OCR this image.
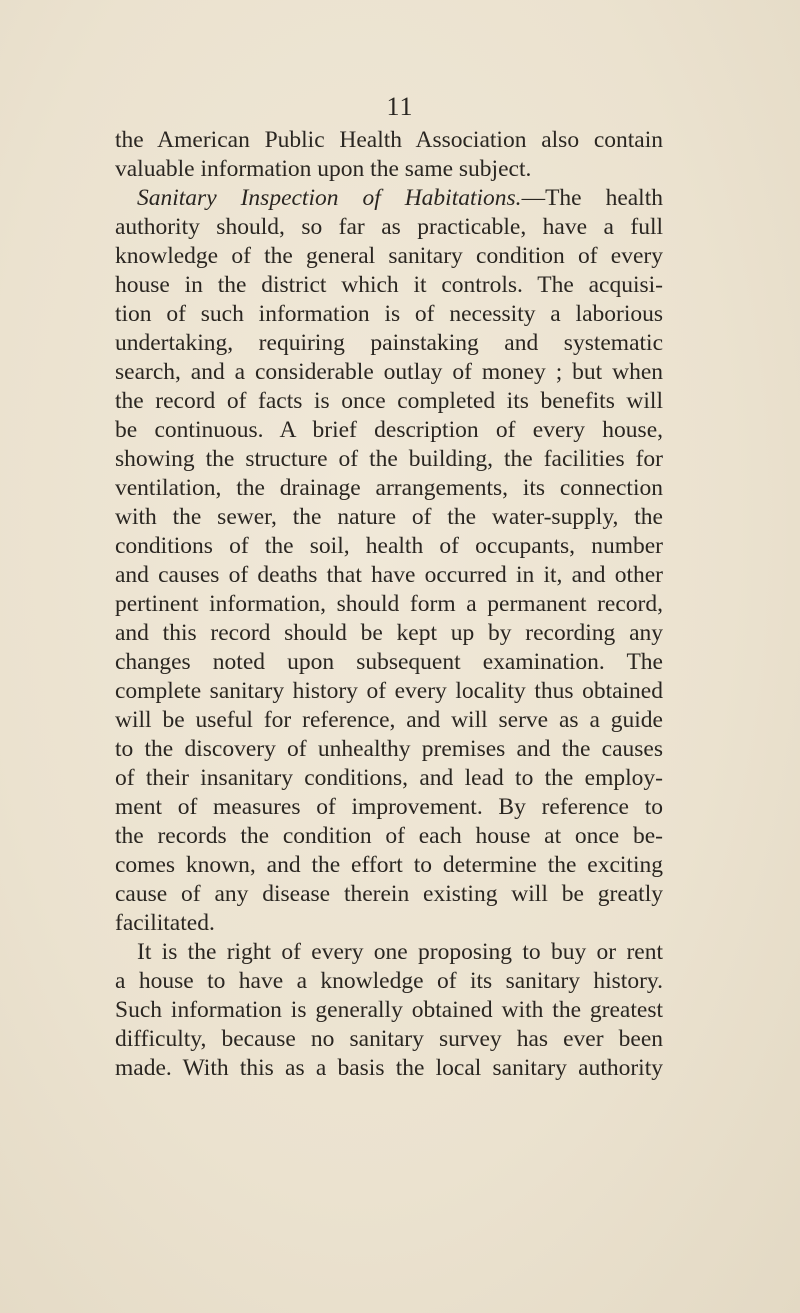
11
the American Public Health Association also contain
valuable information upon the same subject.
Sanitary Inspection of Habitations.—The health
authority should, so far as practicable, have a full
knowledge of the general sanitary condition of every
house in the district which it controls. The acquisi-
tion of such information is of necessity a laborious
undertaking, requiring painstaking and systematic
search, and a considerable outlay of money ; but when
the record of facts is once completed its benefits will
be continuous. A brief description of every house,
showing the structure of the building, the facilities for
ventilation, the drainage arrangements, its connection
with the sewer, the nature of the water-supply, the
conditions of the soil, health of occupants, number
and causes of deaths that have occurred in it, and other
pertinent information, should form a permanent record,
and this record should be kept up by recording any
changes noted upon subsequent examination. The
complete sanitary history of every locality thus obtained
will be useful for reference, and will serve as a guide
to the discovery of unhealthy premises and the causes
of their insanitary conditions, and lead to the employ-
ment of measures of improvement. By reference to
the records the condition of each house at once be-
comes known, and the effort to determine the exciting
cause of any disease therein existing will be greatly
facilitated.
It is the right of every one proposing to buy or rent
a house to have a knowledge of its sanitary history.
Such information is generally obtained with the greatest
difficulty, because no sanitary survey has ever been
made. With this as a basis the local sanitary authority
